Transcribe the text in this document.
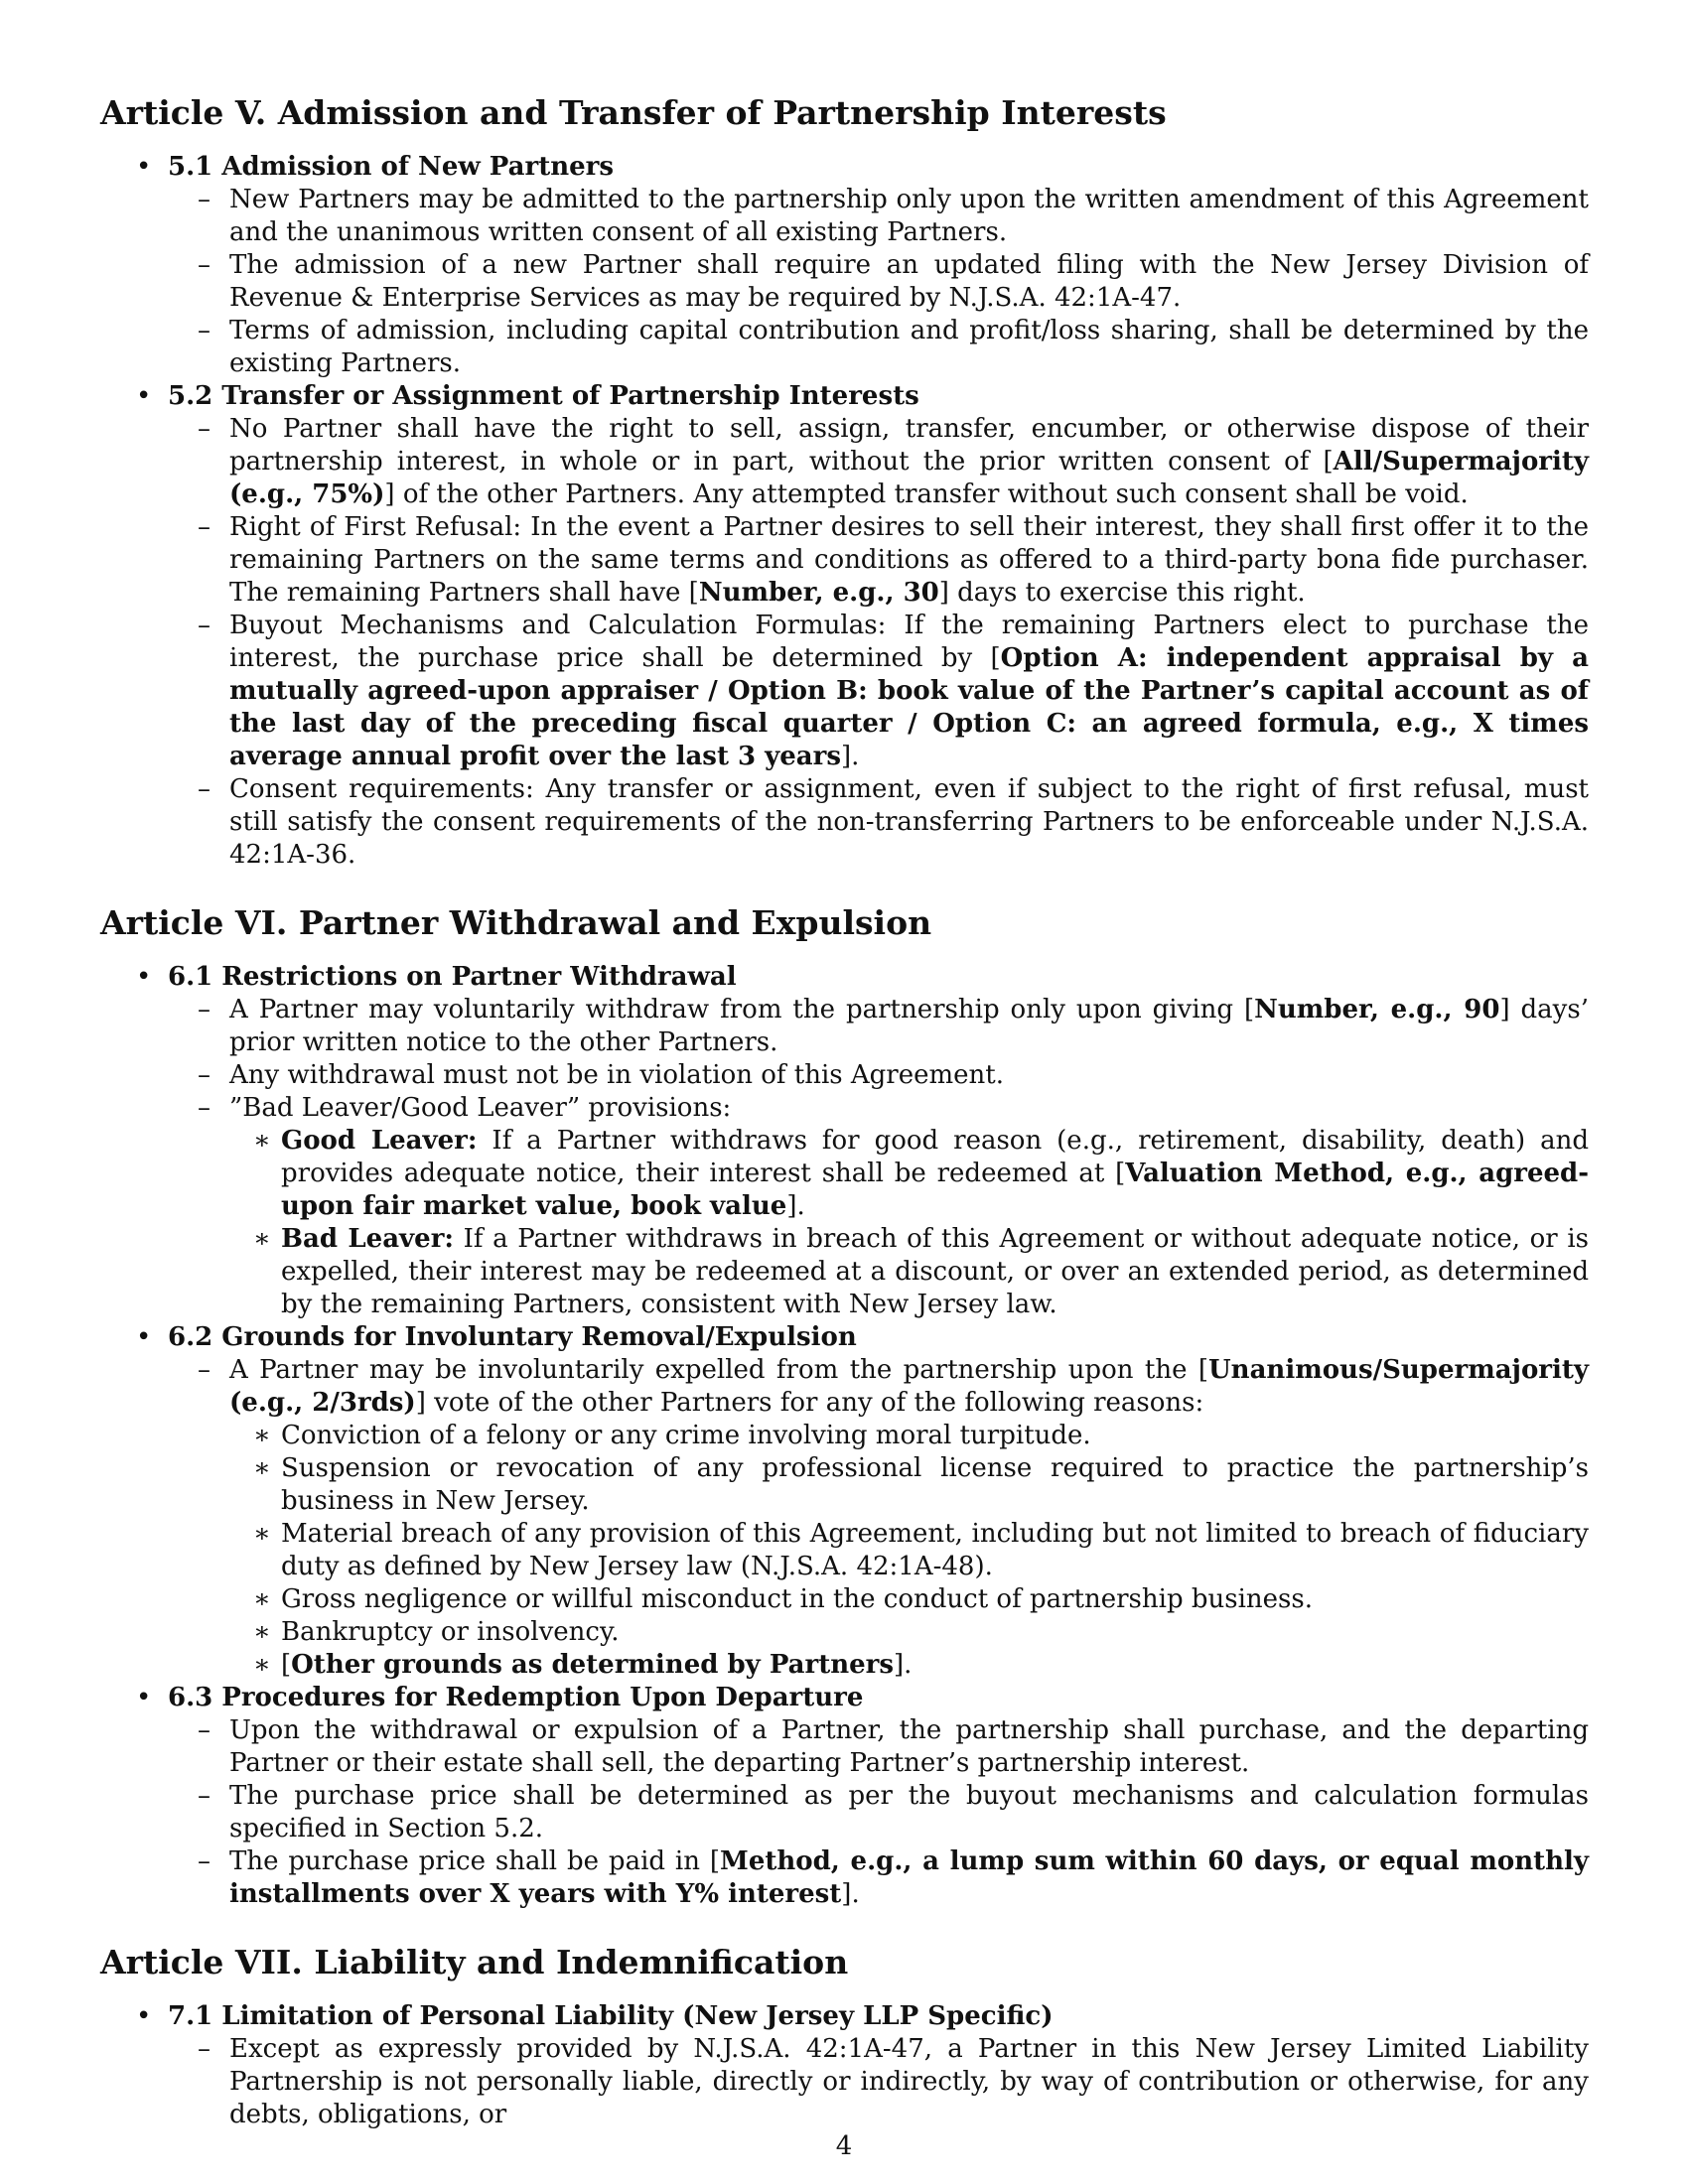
Article V. Admission and Transfer of Partnership Interests
• 5.1 Admission of New Partners
– New Partners may be admitted to the partnership only upon the written amendment of this Agreement and the unanimous written consent of all existing Partners.
– The admission of a new Partner shall require an updated filing with the New Jersey Division of Revenue & Enterprise Services as may be required by N.J.S.A. 42:1A-47.
– Terms of admission, including capital contribution and profit/loss sharing, shall be determined by the existing Partners.
• 5.2 Transfer or Assignment of Partnership Interests
– No Partner shall have the right to sell, assign, transfer, encumber, or otherwise dispose of their partnership interest, in whole or in part, without the prior written consent of [All/Supermajority (e.g., 75%)] of the other Partners. Any attempted transfer without such consent shall be void.
– Right of First Refusal: In the event a Partner desires to sell their interest, they shall first offer it to the remaining Partners on the same terms and conditions as offered to a third-party bona fide purchaser. The remaining Partners shall have [Number, e.g., 30] days to exercise this right.
– Buyout Mechanisms and Calculation Formulas: If the remaining Partners elect to purchase the interest, the purchase price shall be determined by [Option A: independent appraisal by a mutually agreed-upon appraiser / Option B: book value of the Partner’s capital account as of the last day of the preceding fiscal quarter / Option C: an agreed formula, e.g., X times average annual profit over the last 3 years].
– Consent requirements: Any transfer or assignment, even if subject to the right of first refusal, must still satisfy the consent requirements of the non-transferring Partners to be enforceable under N.J.S.A. 42:1A-36.
Article VI. Partner Withdrawal and Expulsion
• 6.1 Restrictions on Partner Withdrawal
– A Partner may voluntarily withdraw from the partnership only upon giving [Number, e.g., 90] days’ prior written notice to the other Partners.
– Any withdrawal must not be in violation of this Agreement.
– ”Bad Leaver/Good Leaver” provisions:
∗ Good Leaver: If a Partner withdraws for good reason (e.g., retirement, disability, death) and provides adequate notice, their interest shall be redeemed at [Valuation Method, e.g., agreed-upon fair market value, book value].
∗ Bad Leaver: If a Partner withdraws in breach of this Agreement or without adequate notice, or is expelled, their interest may be redeemed at a discount, or over an extended period, as determined by the remaining Partners, consistent with New Jersey law.
• 6.2 Grounds for Involuntary Removal/Expulsion
– A Partner may be involuntarily expelled from the partnership upon the [Unanimous/Supermajority (e.g., 2/3rds)] vote of the other Partners for any of the following reasons:
∗ Conviction of a felony or any crime involving moral turpitude.
∗ Suspension or revocation of any professional license required to practice the partnership’s business in New Jersey.
∗ Material breach of any provision of this Agreement, including but not limited to breach of fiduciary duty as defined by New Jersey law (N.J.S.A. 42:1A-48).
∗ Gross negligence or willful misconduct in the conduct of partnership business.
∗ Bankruptcy or insolvency.
∗ [Other grounds as determined by Partners].
• 6.3 Procedures for Redemption Upon Departure
– Upon the withdrawal or expulsion of a Partner, the partnership shall purchase, and the departing Partner or their estate shall sell, the departing Partner’s partnership interest.
– The purchase price shall be determined as per the buyout mechanisms and calculation formulas specified in Section 5.2.
– The purchase price shall be paid in [Method, e.g., a lump sum within 60 days, or equal monthly installments over X years with Y% interest].
Article VII. Liability and Indemnification
• 7.1 Limitation of Personal Liability (New Jersey LLP Specific)
– Except as expressly provided by N.J.S.A. 42:1A-47, a Partner in this New Jersey Limited Liability Partnership is not personally liable, directly or indirectly, by way of contribution or otherwise, for any debts, obligations, or
4
